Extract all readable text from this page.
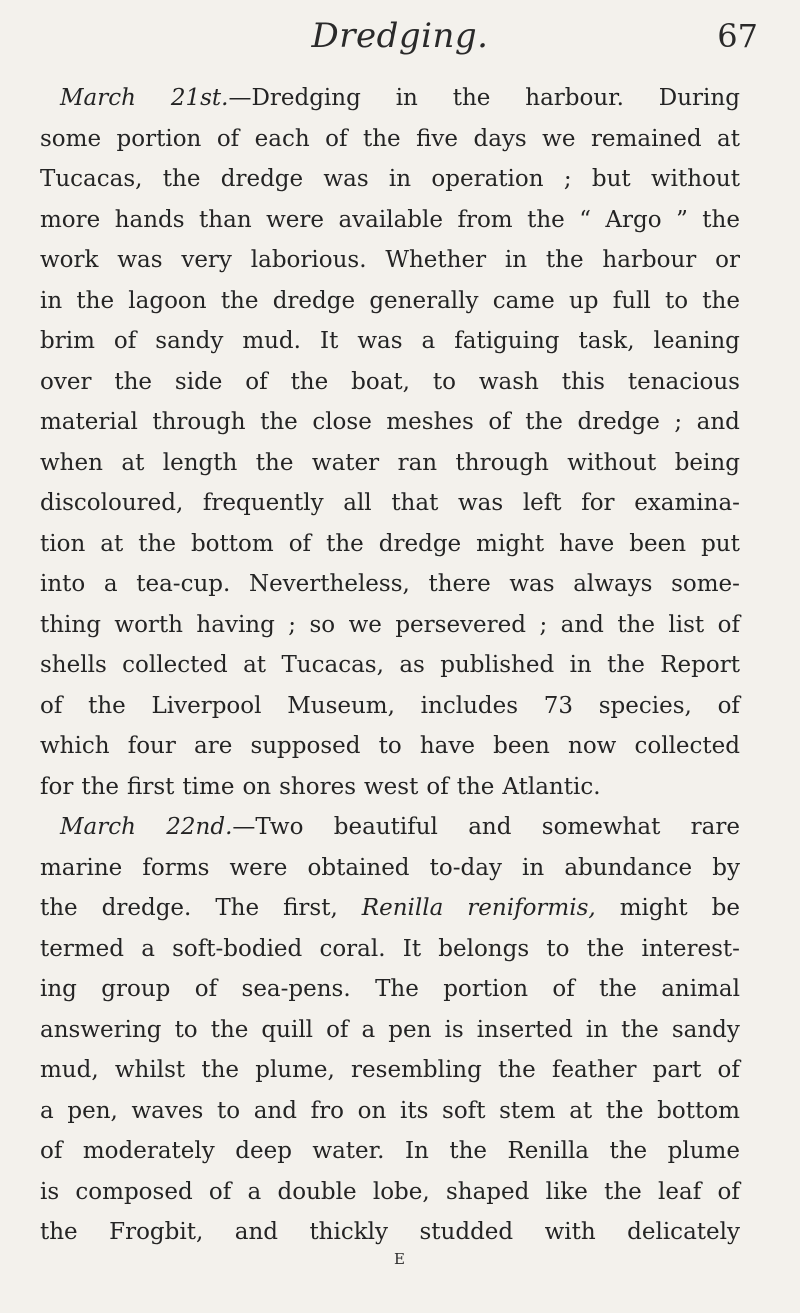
Dredging.	67
March 21st.—Dredging in the harbour. During
some portion of each of the five days we remained at
Tucacas, the dredge was in operation ; but without
more hands than were available from the “ Argo ” the
work was very laborious. Whether in the harbour or
in the lagoon the dredge generally came up full to the
brim of sandy mud. It was a fatiguing task, leaning
over the side of the boat, to wash this tenacious
material through the close meshes of the dredge ; and
when at length the water ran through without being
discoloured, frequently all that was left for examina-
tion at the bottom of the dredge might have been put
into a tea-cup. Nevertheless, there was always some-
thing worth having ; so we persevered ; and the list of
shells collected at Tucacas, as published in the Report
of the Liverpool Museum, includes 73 species, of
which four are supposed to have been now collected
for the first time on shores west of the Atlantic.
March 22nd.—Two beautiful and somewhat rare
marine forms were obtained to-day in abundance by
the dredge. The first, Renilla reniformis, might be
termed a soft-bodied coral. It belongs to the interest-
ing group of sea-pens. The portion of the animal
answering to the quill of a pen is inserted in the sandy
mud, whilst the plume, resembling the feather part of
a pen, waves to and fro on its soft stem at the bottom
of moderately deep water. In the Renilla the plume
is composed of a double lobe, shaped like the leaf of
the Frogbit, and thickly studded with delicately
E
